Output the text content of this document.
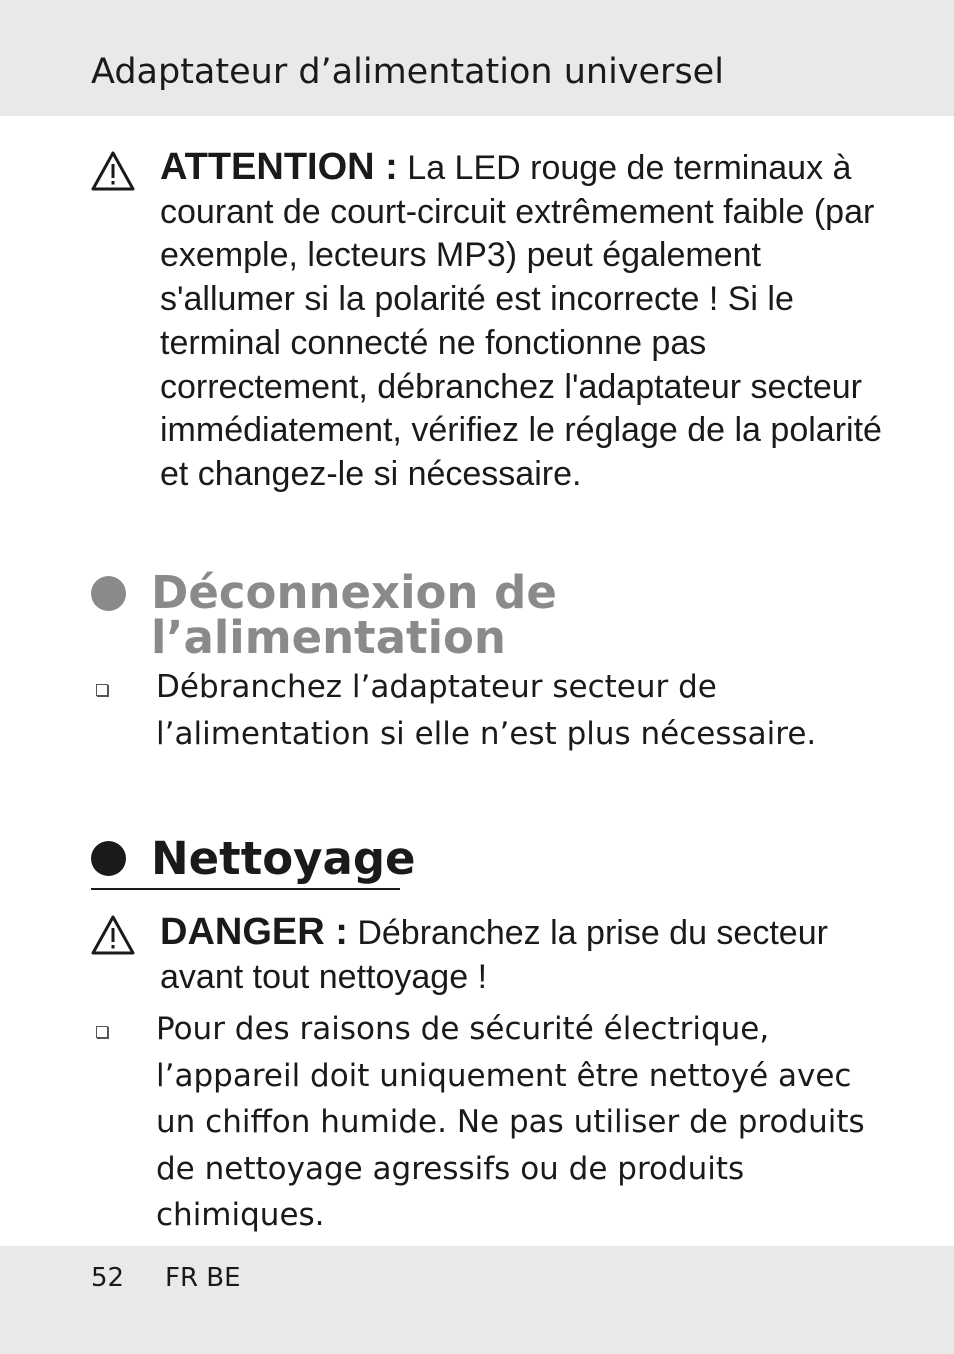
Adaptateur d’alimentation universel
ATTENTION : La LED rouge de terminaux à courant de court-circuit extrêmement faible (par exemple, lecteurs MP3) peut également s'allumer si la polarité est incorrecte ! Si le terminal connecté ne fonctionne pas correctement, débranchez l'adaptateur secteur immédiatement, vérifiez le réglage de la polarité et changez-le si nécessaire.
Déconnexion de
l’alimentation
Débranchez l’adaptateur secteur de l’alimentation si elle n’est plus nécessaire.
Nettoyage
DANGER : Débranchez la prise du secteur avant tout nettoyage !
Pour des raisons de sécurité électrique, l’appareil doit uniquement être nettoyé avec un chiffon humide. Ne pas utiliser de produits de nettoyage agressifs ou de produits chimiques.
52 FR BE
